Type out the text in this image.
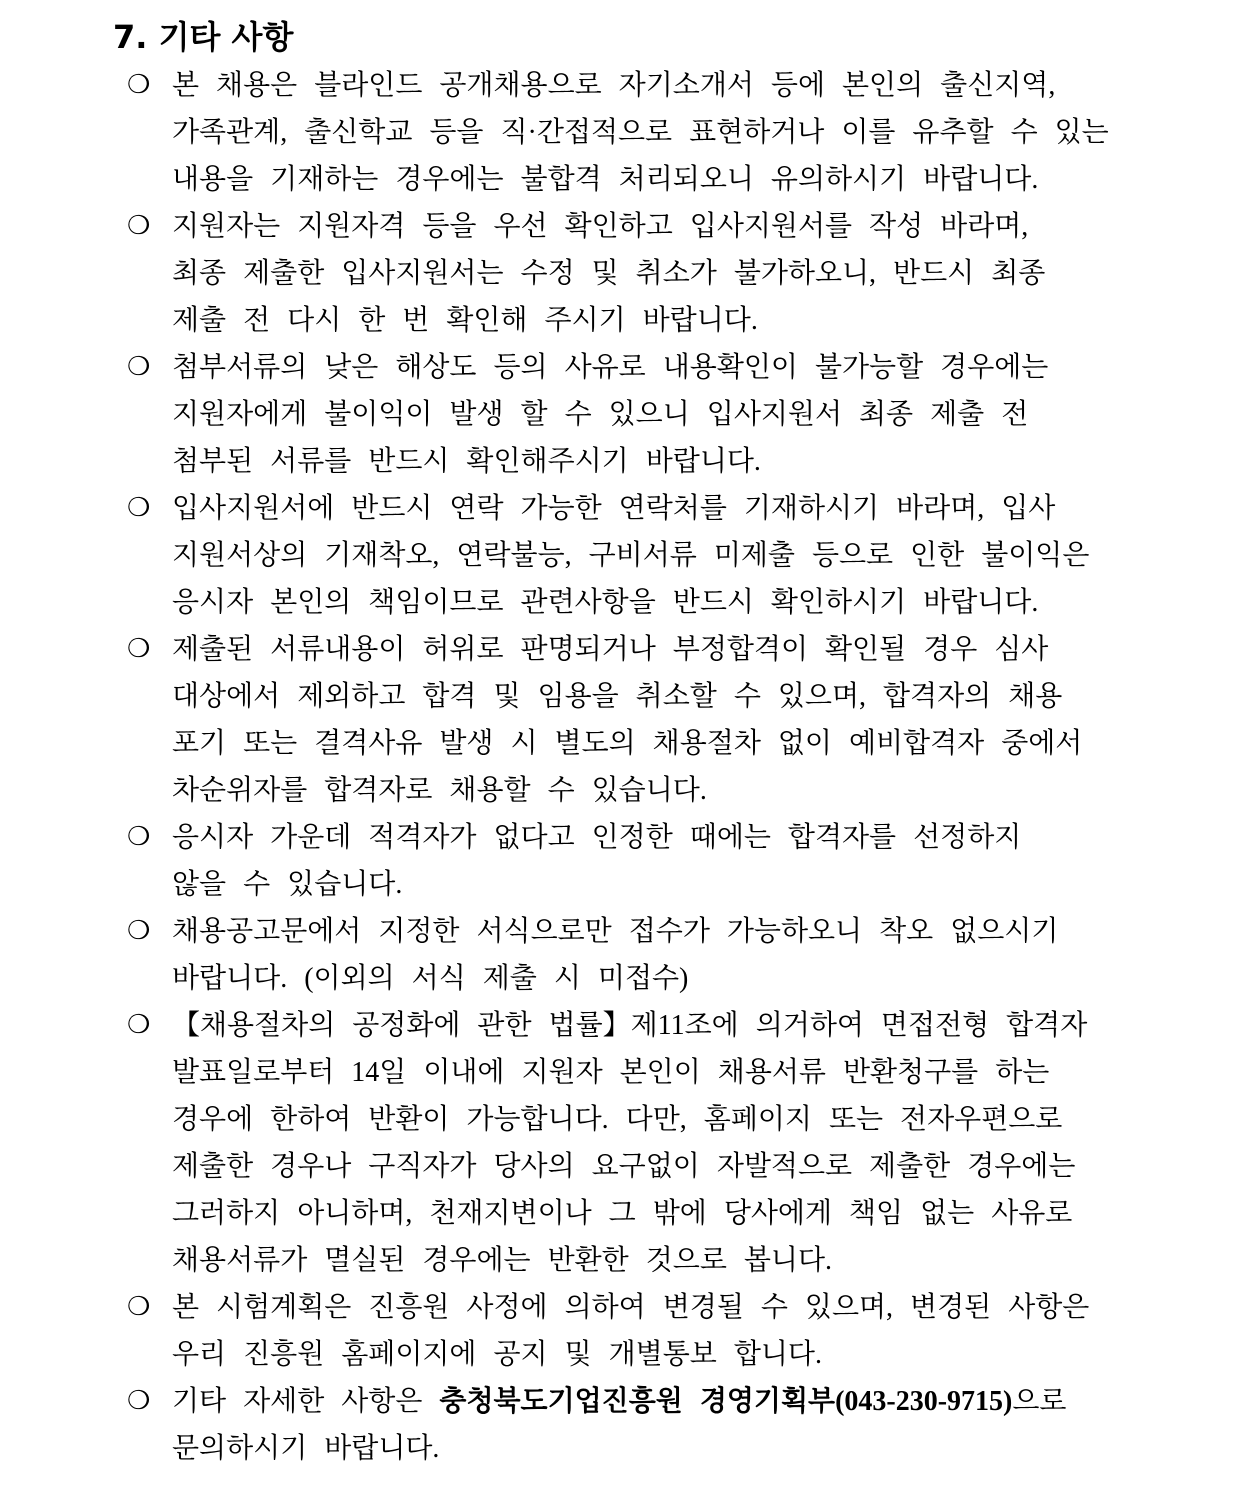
7. 기타 사항
❍ 본 채용은 블라인드 공개채용으로 자기소개서 등에 본인의 출신지역,
가족관계, 출신학교 등을 직·간접적으로 표현하거나 이를 유추할 수 있는
내용을 기재하는 경우에는 불합격 처리되오니 유의하시기 바랍니다.
❍ 지원자는 지원자격 등을 우선 확인하고 입사지원서를 작성 바라며,
최종 제출한 입사지원서는 수정 및 취소가 불가하오니, 반드시 최종
제출 전 다시 한 번 확인해 주시기 바랍니다.
❍ 첨부서류의 낮은 해상도 등의 사유로 내용확인이 불가능할 경우에는
지원자에게 불이익이 발생 할 수 있으니 입사지원서 최종 제출 전
첨부된 서류를 반드시 확인해주시기 바랍니다.
❍ 입사지원서에 반드시 연락 가능한 연락처를 기재하시기 바라며, 입사
지원서상의 기재착오, 연락불능, 구비서류 미제출 등으로 인한 불이익은
응시자 본인의 책임이므로 관련사항을 반드시 확인하시기 바랍니다.
❍ 제출된 서류내용이 허위로 판명되거나 부정합격이 확인될 경우 심사
대상에서 제외하고 합격 및 임용을 취소할 수 있으며, 합격자의 채용
포기 또는 결격사유 발생 시 별도의 채용절차 없이 예비합격자 중에서
차순위자를 합격자로 채용할 수 있습니다.
❍ 응시자 가운데 적격자가 없다고 인정한 때에는 합격자를 선정하지
않을 수 있습니다.
❍ 채용공고문에서 지정한 서식으로만 접수가 가능하오니 착오 없으시기
바랍니다. (이외의 서식 제출 시 미접수)
❍ 【채용절차의 공정화에 관한 법률】제11조에 의거하여 면접전형 합격자
발표일로부터 14일 이내에 지원자 본인이 채용서류 반환청구를 하는
경우에 한하여 반환이 가능합니다. 다만, 홈페이지 또는 전자우편으로
제출한 경우나 구직자가 당사의 요구없이 자발적으로 제출한 경우에는
그러하지 아니하며, 천재지변이나 그 밖에 당사에게 책임 없는 사유로
채용서류가 멸실된 경우에는 반환한 것으로 봅니다.
❍ 본 시험계획은 진흥원 사정에 의하여 변경될 수 있으며, 변경된 사항은
우리 진흥원 홈페이지에 공지 및 개별통보 합니다.
❍ 기타 자세한 사항은 충청북도기업진흥원 경영기획부(043-230-9715)으로
문의하시기 바랍니다.
